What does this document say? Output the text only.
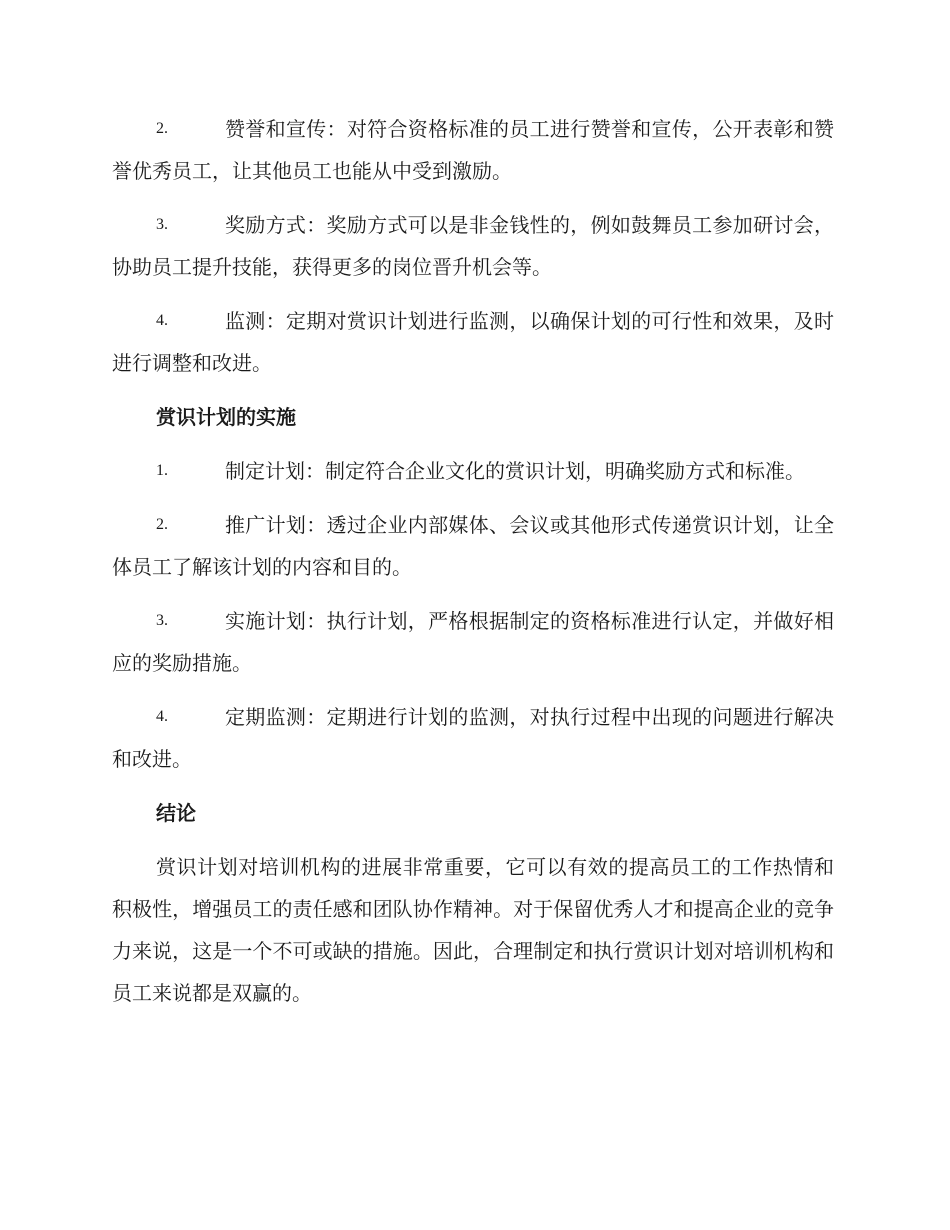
2.	赞誉和宣传：对符合资格标准的员工进行赞誉和宣传，公开表彰和赞誉优秀员工，让其他员工也能从中受到激励。
3.	奖励方式：奖励方式可以是非金钱性的，例如鼓舞员工参加研讨会，协助员工提升技能，获得更多的岗位晋升机会等。
4.	监测：定期对赏识计划进行监测，以确保计划的可行性和效果，及时进行调整和改进。
赏识计划的实施
1.	制定计划：制定符合企业文化的赏识计划，明确奖励方式和标准。
2.	推广计划：透过企业内部媒体、会议或其他形式传递赏识计划，让全体员工了解该计划的内容和目的。
3.	实施计划：执行计划，严格根据制定的资格标准进行认定，并做好相应的奖励措施。
4.	定期监测：定期进行计划的监测，对执行过程中出现的问题进行解决和改进。
结论

赏识计划对培训机构的进展非常重要，它可以有效的提高员工的工作热情和积极性，增强员工的责任感和团队协作精神。对于保留优秀人才和提高企业的竞争力来说，这是一个不可或缺的措施。因此，合理制定和执行赏识计划对培训机构和员工来说都是双赢的。
